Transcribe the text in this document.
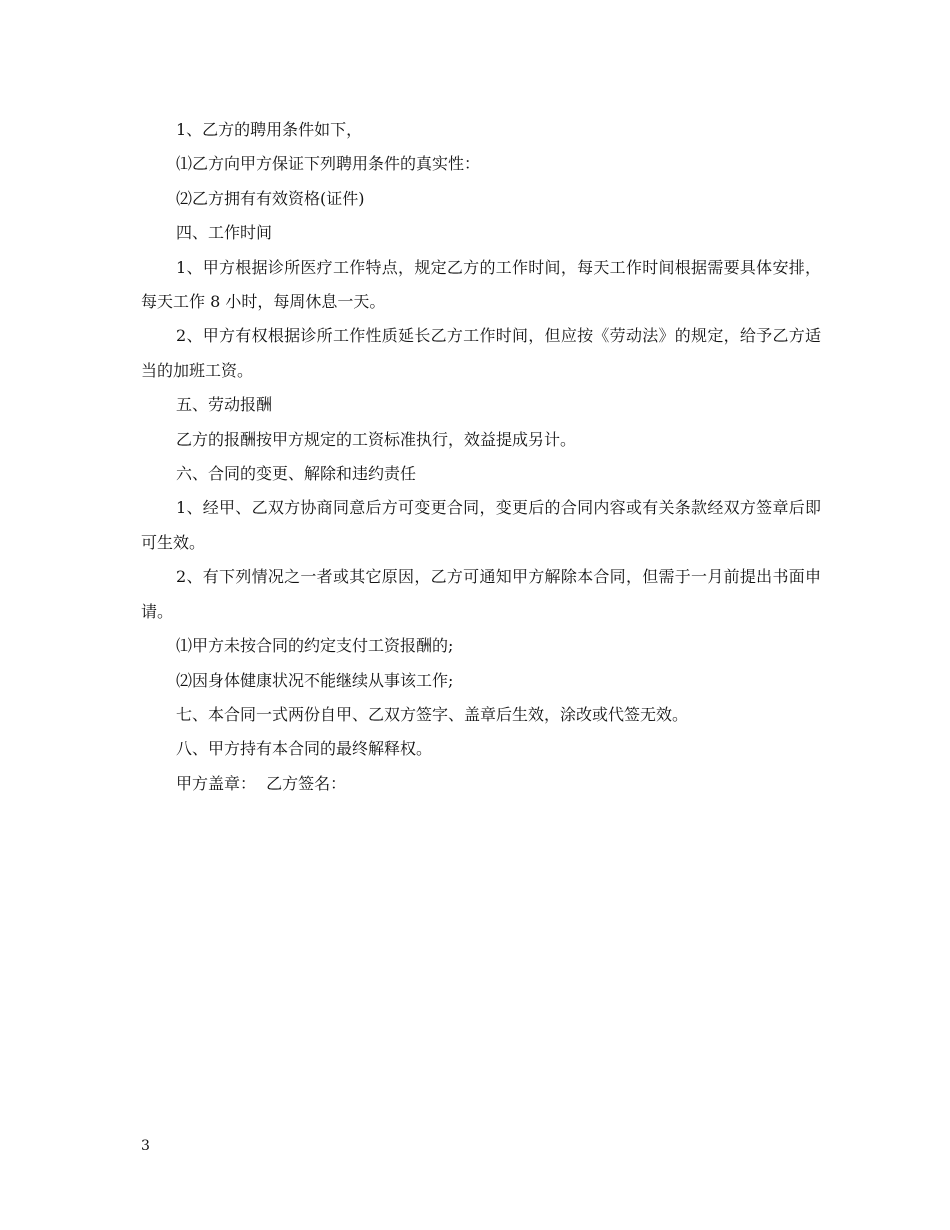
1、乙方的聘用条件如下，

⑴乙方向甲方保证下列聘用条件的真实性：

⑵乙方拥有有效资格(证件)

四、工作时间

1、甲方根据诊所医疗工作特点，规定乙方的工作时间，每天工作时间根据需要具体安排，每天工作 8 小时，每周休息一天。

2、甲方有权根据诊所工作性质延长乙方工作时间，但应按《劳动法》的规定，给予乙方适当的加班工资。

五、劳动报酬

乙方的报酬按甲方规定的工资标准执行，效益提成另计。

六、合同的变更、解除和违约责任

1、经甲、乙双方协商同意后方可变更合同，变更后的合同内容或有关条款经双方签章后即可生效。

2、有下列情况之一者或其它原因，乙方可通知甲方解除本合同，但需于一月前提出书面申请。

⑴甲方未按合同的约定支付工资报酬的;

⑵因身体健康状况不能继续从事该工作;

七、本合同一式两份自甲、乙双方签字、盖章后生效，涂改或代签无效。

八、甲方持有本合同的最终解释权。

甲方盖章：  乙方签名：

3
